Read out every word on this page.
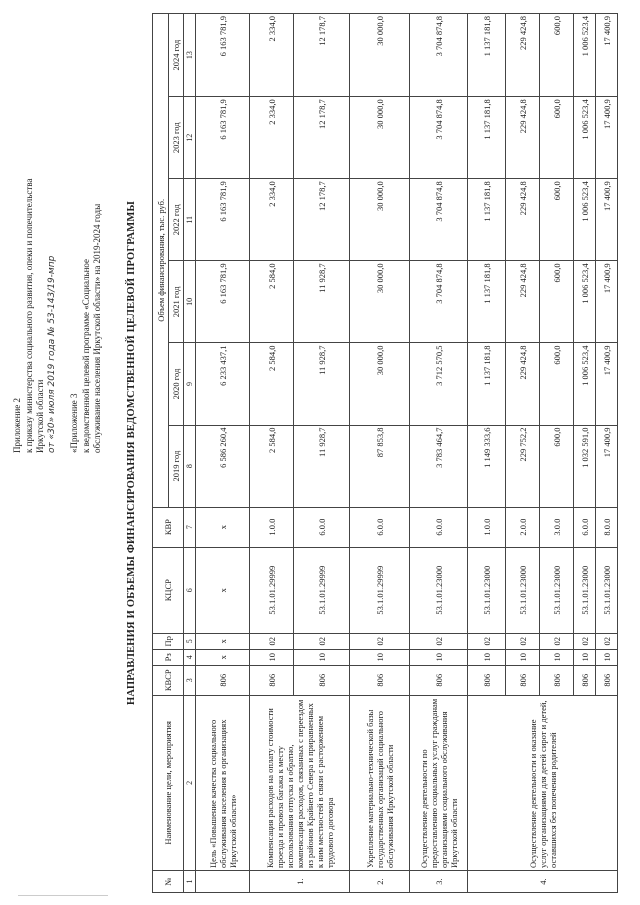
Приложение 2 к приказу министерства социального развития, опеки и попечительства Иркутской области от «30» июля 2019 года № 53-143/19-мпр «Приложение 3 к ведомственной целевой программе «Социальное обслуживание населения Иркутской области» на 2019-2024 годы НАПРАВЛЕНИЯ И ОБЪЕМЫ ФИНАНСИРОВАНИЯ ВЕДОМСТВЕННОЙ ЦЕЛЕВОЙ ПРОГРАММЫ
№	Наименование цели, мероприятия	КВСР	Рз	Пр	КЦСР	КВР	Объем финансирования, тыс. руб.					
							2019 год	2020 год	2021 год	2022 год	2023 год	2024 год
1	2	3	4	5	6	7	8	9	10	11	12	13
	Цель «Повышение качества социального обслуживания населения в организациях Иркутской области»	806	х	х	х	х	6 586 260,4	6 233 437,1	6 163 781,9	6 163 781,9	6 163 781,9	6 163 781,9
1.	Компенсация расходов на оплату стоимости проезда и провоза багажа к месту использования отпуска и обратно, компенсация расходов, связанных с переездом из районов Крайнего Севера и приравненных к ним местностей в связи с расторжением трудового договора	806	10	02	53.1.01.29999	1.0.0	2 584,0	2 584,0	2 584,0	2 334,0	2 334,0	2 334,0
		806	10	02	53.1.01.29999	6.0.0	11 928,7	11 928,7	11 928,7	12 178,7	12 178,7	12 178,7
2.	Укрепление материально-технической базы государственных организаций социального обслуживания Иркутской области	806	10	02	53.1.01.29999	6.0.0	87 853,8	30 000,0	30 000,0	30 000,0	30 000,0	30 000,0
3.	Осуществление деятельности по предоставлению социальных услуг гражданам организациями социального обслуживания Иркутской области	806	10	02	53.1.01.23000	6.0.0	3 783 464,7	3 712 570,5	3 704 874,8	3 704 874,8	3 704 874,8	3 704 874,8
4.	Осуществление деятельности и оказание услуг организациями для детей сирот и детей, оставшихся без попечения родителей	806	10	02	53.1.01.23000	1.0.0	1 149 333,6	1 137 181,8	1 137 181,8	1 137 181,8	1 137 181,8	1 137 181,8
		806	10	02	53.1.01.23000	2.0.0	229 752,2	229 424,8	229 424,8	229 424,8	229 424,8	229 424,8
		806	10	02	53.1.01.23000	3.0.0	600,0	600,0	600,0	600,0	600,0	600,0
		806	10	02	53.1.01.23000	6.0.0	1 032 591,0	1 006 523,4	1 006 523,4	1 006 523,4	1 006 523,4	1 006 523,4
		806	10	02	53.1.01.23000	8.0.0	17 400,9	17 400,9	17 400,9	17 400,9	17 400,9	17 400,9
